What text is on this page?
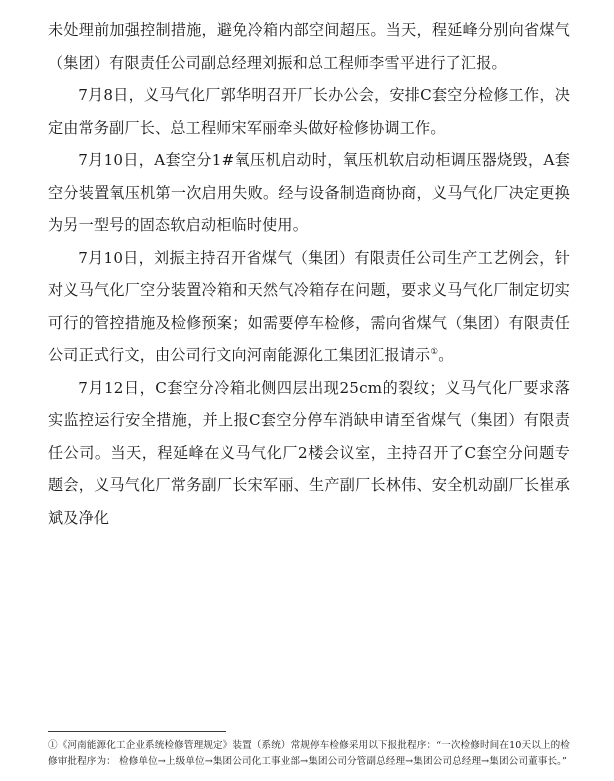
未处理前加强控制措施，避免冷箱内部空间超压。当天，程延峰分别向省煤气（集团）有限责任公司副总经理刘振和总工程师李雪平进行了汇报。

7月8日，义马气化厂郭华明召开厂长办公会，安排C套空分检修工作，决定由常务副厂长、总工程师宋军丽牵头做好检修协调工作。

7月10日，A套空分1#氧压机启动时，氧压机软启动柜调压器烧毁，A套空分装置氧压机第一次启用失败。经与设备制造商协商，义马气化厂决定更换为另一型号的固态软启动柜临时使用。

7月10日，刘振主持召开省煤气（集团）有限责任公司生产工艺例会，针对义马气化厂空分装置冷箱和天然气冷箱存在问题，要求义马气化厂制定切实可行的管控措施及检修预案；如需要停车检修，需向省煤气（集团）有限责任公司正式行文，由公司行文向河南能源化工集团汇报请示①。

7月12日，C套空分冷箱北侧四层出现25cm的裂纹；义马气化厂要求落实监控运行安全措施，并上报C套空分停车消缺申请至省煤气（集团）有限责任公司。当天，程延峰在义马气化厂2楼会议室，主持召开了C套空分问题专题会，义马气化厂常务副厂长宋军丽、生产副厂长林伟、安全机动副厂长崔承斌及净化

①《河南能源化工企业系统检修管理规定》装置（系统）常规停车检修采用以下报批程序：“一次检修时间在10天以上的检修审批程序为： 检修单位→上级单位→集团公司化工事业部→集团公司分管副总经理→集团公司总经理→集团公司董事长。”
